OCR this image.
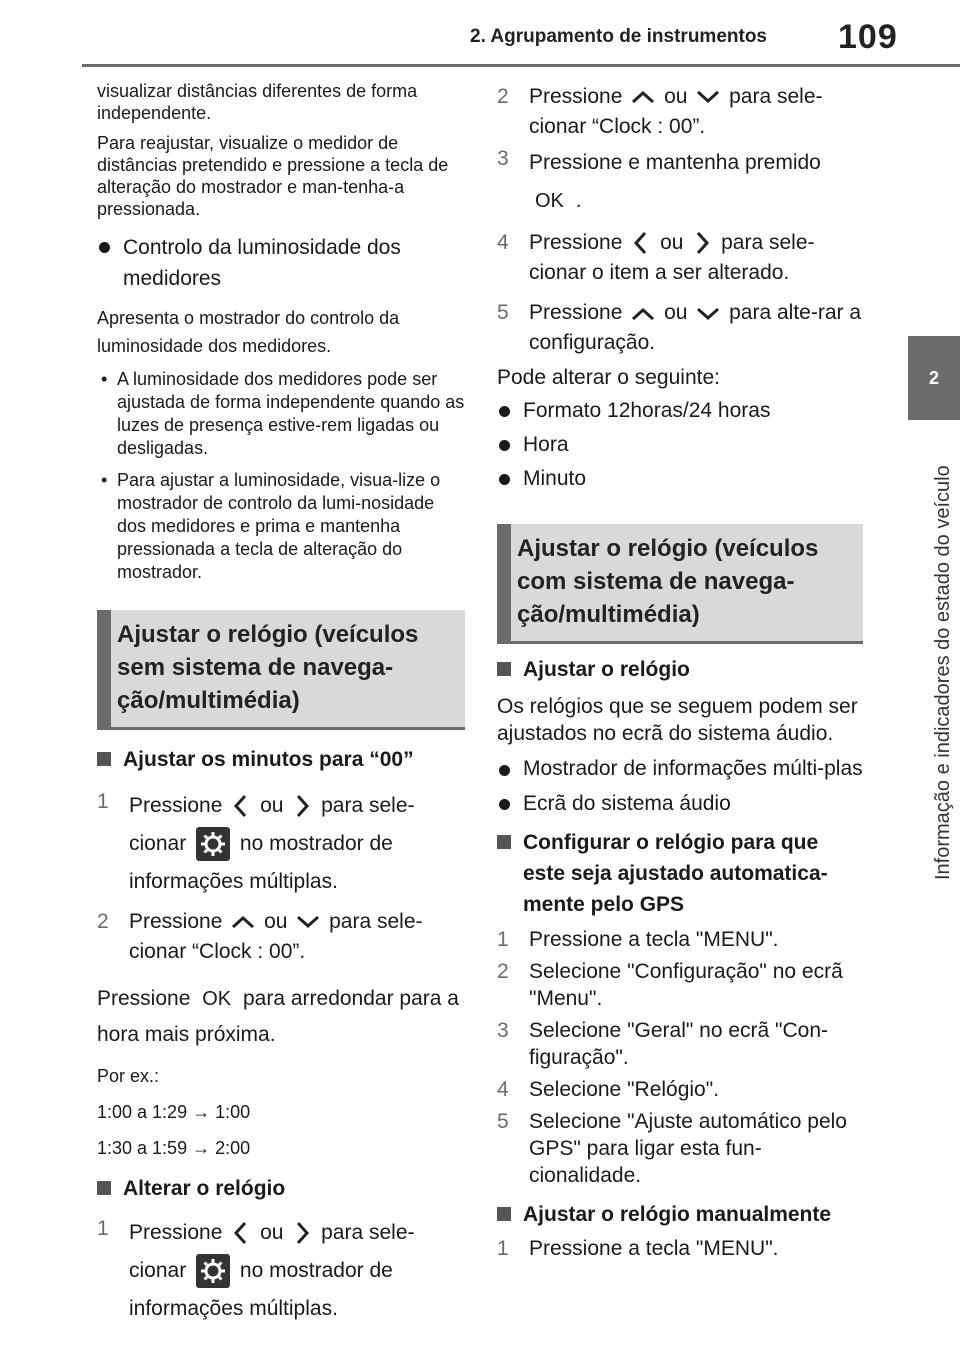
2. Agrupamento de instrumentos 109
2
Informação e indicadores do estado do veículo

visualizar distâncias diferentes de forma independente.

Para reajustar, visualize o medidor de distâncias pretendido e pressione a tecla de alteração do mostrador e man-tenha-a pressionada.

Controlo da luminosidade dos medidores

Apresenta o mostrador do controlo da luminosidade dos medidores.

• A luminosidade dos medidores pode ser ajustada de forma independente quando as luzes de presença estive-rem ligadas ou desligadas.

• Para ajustar a luminosidade, visua-lize o mostrador de controlo da lumi-nosidade dos medidores e prima e mantenha pressionada a tecla de alteração do mostrador.

Ajustar o relógio (veículos sem sistema de navega-ção/multimédia)

Ajustar os minutos para “00”

1 Pressione ou para sele-cionar	no mostrador de informações múltiplas.
2 Pressione ou para sele-cionar “Clock : 00”.

Pressione OK para arredondar para a hora mais próxima.

Por ex.:

1:00 a 1:29 → 1:00

1:30 a 1:59 → 2:00

Alterar o relógio

1 Pressione ou para sele-cionar	no mostrador de informações múltiplas.
2 Pressione ou para sele-cionar “Clock : 00”.
3 Pressione e mantenha premido
OK .
4 Pressione ou para sele-cionar o item a ser alterado.
5 Pressione ou para alte-rar a configuração.

Pode alterar o seguinte:

Formato 12horas/24 horas

Hora

Minuto

Ajustar o relógio (veículos com sistema de navega-ção/multimédia)

Ajustar o relógio

Os relógios que se seguem podem ser ajustados no ecrã do sistema áudio.

Mostrador de informações múlti-plas

Ecrã do sistema áudio

Configurar o relógio para que este seja ajustado automatica-mente pelo GPS

1 Pressione a tecla "MENU".
2 Selecione "Configuração" no ecrã "Menu".
3 Selecione "Geral" no ecrã "Con-figuração".
4 Selecione "Relógio".
5 Selecione "Ajuste automático pelo GPS" para ligar esta fun-cionalidade.

Ajustar o relógio manualmente

1 Pressione a tecla "MENU".
